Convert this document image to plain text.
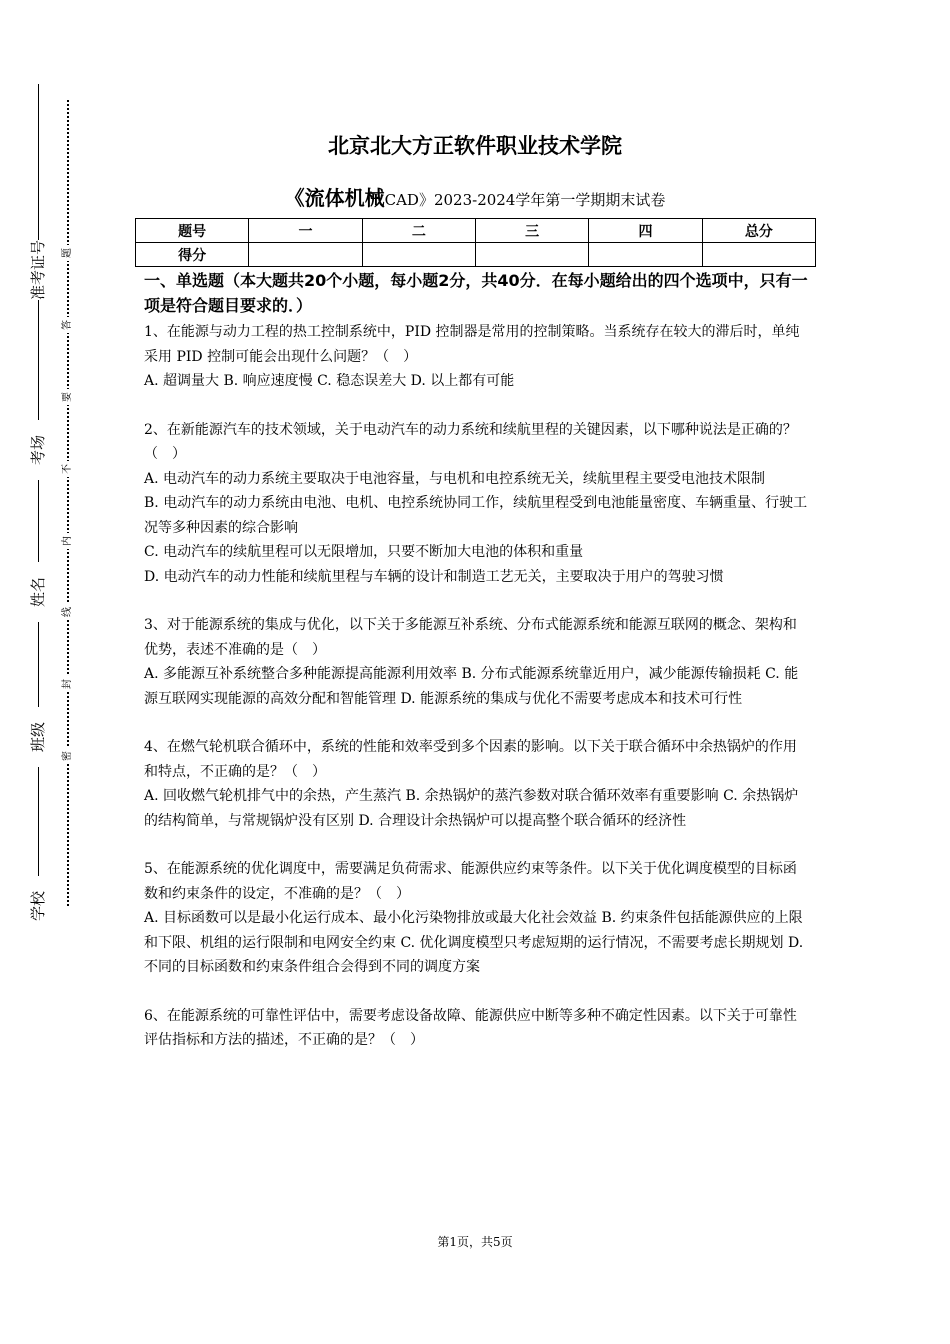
准考证号
考场
姓名
班级
学校
题
答
要
不
内
线
封
密
北京北大方正软件职业技术学院
《流体机械CAD》2023-2024学年第一学期期末试卷
题号	一	二	三	四	总分
得分					
一、单选题（本大题共20个小题，每小题2分，共40分．在每小题给出的四个选项中，只有一项是符合题目要求的．）

1、在能源与动力工程的热工控制系统中，PID 控制器是常用的控制策略。当系统存在较大的滞后时，单纯采用 PID 控制可能会出现什么问题？（　）

A. 超调量大 B. 响应速度慢 C. 稳态误差大 D. 以上都有可能

2、在新能源汽车的技术领域，关于电动汽车的动力系统和续航里程的关键因素，以下哪种说法是正确的？（　）

A. 电动汽车的动力系统主要取决于电池容量，与电机和电控系统无关，续航里程主要受电池技术限制

B. 电动汽车的动力系统由电池、电机、电控系统协同工作，续航里程受到电池能量密度、车辆重量、行驶工况等多种因素的综合影响

C. 电动汽车的续航里程可以无限增加，只要不断加大电池的体积和重量

D. 电动汽车的动力性能和续航里程与车辆的设计和制造工艺无关，主要取决于用户的驾驶习惯

3、对于能源系统的集成与优化，以下关于多能源互补系统、分布式能源系统和能源互联网的概念、架构和优势，表述不准确的是（　）

A. 多能源互补系统整合多种能源提高能源利用效率 B. 分布式能源系统靠近用户，减少能源传输损耗 C. 能源互联网实现能源的高效分配和智能管理 D. 能源系统的集成与优化不需要考虑成本和技术可行性

4、在燃气轮机联合循环中，系统的性能和效率受到多个因素的影响。以下关于联合循环中余热锅炉的作用和特点，不正确的是？（　）

A. 回收燃气轮机排气中的余热，产生蒸汽 B. 余热锅炉的蒸汽参数对联合循环效率有重要影响 C. 余热锅炉的结构简单，与常规锅炉没有区别 D. 合理设计余热锅炉可以提高整个联合循环的经济性

5、在能源系统的优化调度中，需要满足负荷需求、能源供应约束等条件。以下关于优化调度模型的目标函数和约束条件的设定，不准确的是？（　）

A. 目标函数可以是最小化运行成本、最小化污染物排放或最大化社会效益 B. 约束条件包括能源供应的上限和下限、机组的运行限制和电网安全约束 C. 优化调度模型只考虑短期的运行情况，不需要考虑长期规划 D. 不同的目标函数和约束条件组合会得到不同的调度方案

6、在能源系统的可靠性评估中，需要考虑设备故障、能源供应中断等多种不确定性因素。以下关于可靠性评估指标和方法的描述，不正确的是？（　）

第1页，共5页
